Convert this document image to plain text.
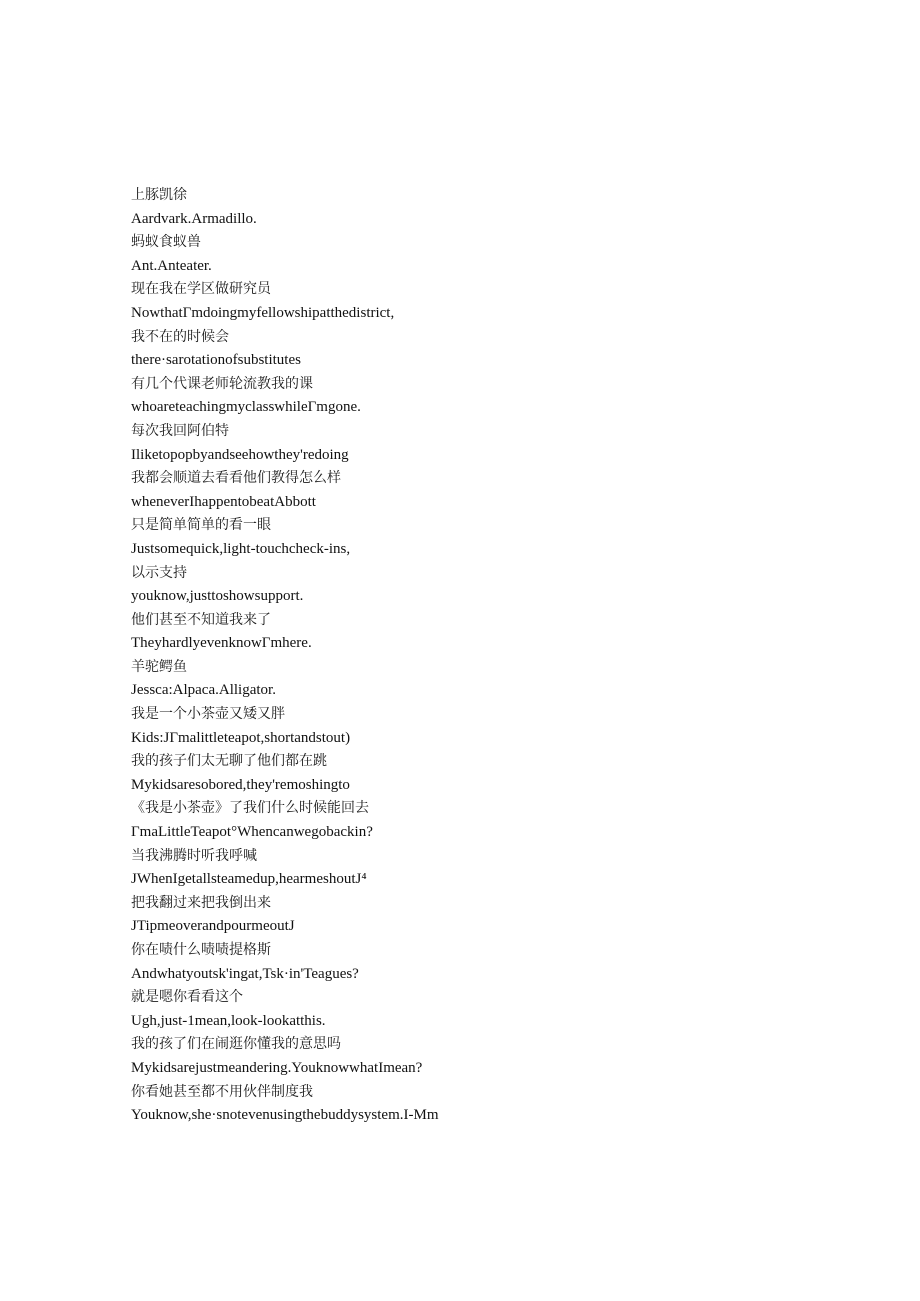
上豚凯徐
Aardvark.Armadillo.
蚂蚁食蚁兽
Ant.Anteater.
现在我在学区做研究员
NowthatΓmdoingmyfellowshipatthedistrict,
我不在的时候会
there·sarotationofsubstitutes
有几个代课老师轮流教我的课
whoareteachingmyclasswhileΓmgone.
每次我回阿伯特
Iliketopopbyandseehowthey'redoing
我都会顺道去看看他们教得怎么样
wheneverIhappentobeatAbbott
只是简单简单的看一眼
Justsomequick,light-touchcheck-ins,
以示支持
youknow,justtoshowsupport.
他们甚至不知道我来了
TheyhardlyevenknowΓmhere.
羊驼鳄鱼
Jessca:Alpaca.Alligator.
我是一个小茶壶又矮又胖
Kids:JΓmalittleteapot,shortandstout)
我的孩子们太无聊了他们都在跳
Mykidsaresobored,they'remoshingto
《我是小茶壶》了我们什么时候能回去
ΓmaLittleTeapot°Whencanwegobackin?
当我沸腾时听我呼喊
JWhenIgetallsteamedup,hearmeshoutJ⁴
把我翻过来把我倒出来
JTipmeoverandpourmeoutJ
你在啧什么啧啧提格斯
Andwhatyoutsk'ingat,Tsk·in'Teagues?
就是嗯你看看这个
Ugh,just-1mean,look-lookatthis.
我的孩了们在闹逛你懂我的意思吗
Mykidsarejustmeandering.YouknowwhatImean?
你看她甚至都不用伙伴制度我
Youknow,she·snotevenusingthebuddysystem.I-Mm
